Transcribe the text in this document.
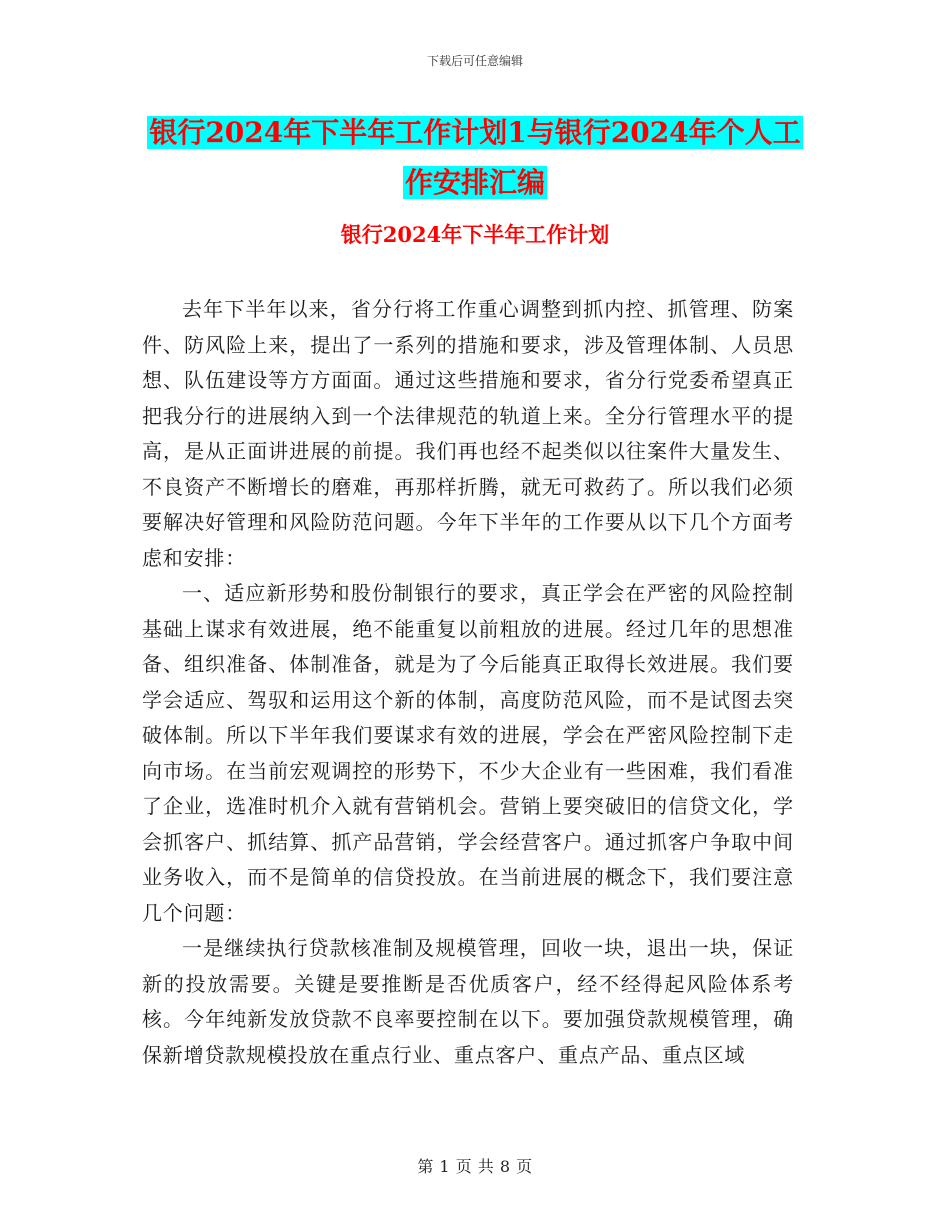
下载后可任意编辑
银行2024年下半年工作计划1与银行2024年个人工
作安排汇编
银行2024年下半年工作计划

去年下半年以来，省分行将工作重心调整到抓内控、抓管理、防案件、防风险上来，提出了一系列的措施和要求，涉及管理体制、人员思想、队伍建设等方方面面。通过这些措施和要求，省分行党委希望真正把我分行的进展纳入到一个法律规范的轨道上来。全分行管理水平的提高，是从正面讲进展的前提。我们再也经不起类似以往案件大量发生、不良资产不断增长的磨难，再那样折腾，就无可救药了。所以我们必须要解决好管理和风险防范问题。今年下半年的工作要从以下几个方面考虑和安排：

一、适应新形势和股份制银行的要求，真正学会在严密的风险控制基础上谋求有效进展，绝不能重复以前粗放的进展。经过几年的思想准备、组织准备、体制准备，就是为了今后能真正取得长效进展。我们要学会适应、驾驭和运用这个新的体制，高度防范风险，而不是试图去突破体制。所以下半年我们要谋求有效的进展，学会在严密风险控制下走向市场。在当前宏观调控的形势下，不少大企业有一些困难，我们看准了企业，选准时机介入就有营销机会。营销上要突破旧的信贷文化，学会抓客户、抓结算、抓产品营销，学会经营客户。通过抓客户争取中间业务收入，而不是简单的信贷投放。在当前进展的概念下，我们要注意几个问题：

一是继续执行贷款核准制及规模管理，回收一块，退出一块，保证新的投放需要。关键是要推断是否优质客户，经不经得起风险体系考核。今年纯新发放贷款不良率要控制在以下。要加强贷款规模管理，确保新增贷款规模投放在重点行业、重点客户、重点产品、重点区域

第 1 页 共 8 页
